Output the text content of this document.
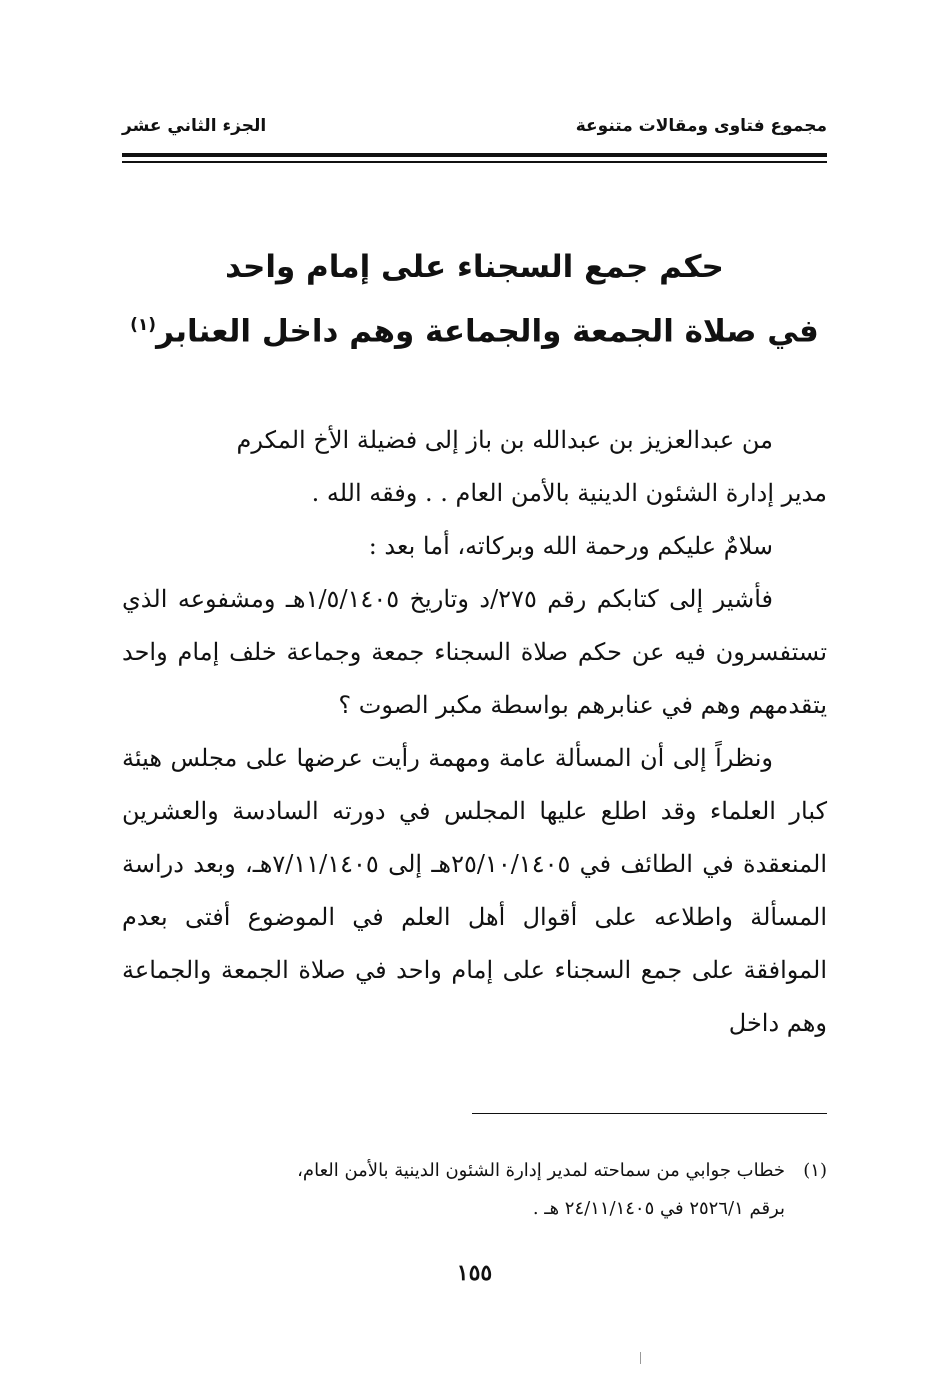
مجموع فتاوى ومقالات متنوعة
الجزء الثاني عشر
حكم جمع السجناء على إمام واحد
في صلاة الجمعة والجماعة وهم داخل العنابر$^{(١)}$

من عبدالعزيز بن عبدالله بن باز إلى فضيلة الأخ المكرم

مدير إدارة الشئون الدينية بالأمن العام . . وفقه الله .

سلامٌ عليكم ورحمة الله وبركاته، أما بعد :

فأشير إلى كتابكم رقم ٢٧٥/د وتاريخ ١/٥/١٤٠٥هـ ومشفوعه الذي تستفسرون فيه عن حكم صلاة السجناء جمعة وجماعة خلف إمام واحد يتقدمهم وهم في عنابرهم بواسطة مكبر الصوت ؟

ونظراً إلى أن المسألة عامة ومهمة رأيت عرضها على مجلس هيئة كبار العلماء وقد اطلع عليها المجلس في دورته السادسة والعشرين المنعقدة في الطائف في ٢٥/١٠/١٤٠٥هـ إلى ٧/١١/١٤٠٥هـ، وبعد دراسة المسألة واطلاعه على أقوال أهل العلم في الموضوع أفتى بعدم الموافقة على جمع السجناء على إمام واحد في صلاة الجمعة والجماعة وهم داخل

(١)خطاب جوابي من سماحته لمدير إدارة الشئون الدينية بالأمن العام،
برقم ٢٥٢٦/١ في ٢٤/١١/١٤٠٥ هـ .
١٥٥
